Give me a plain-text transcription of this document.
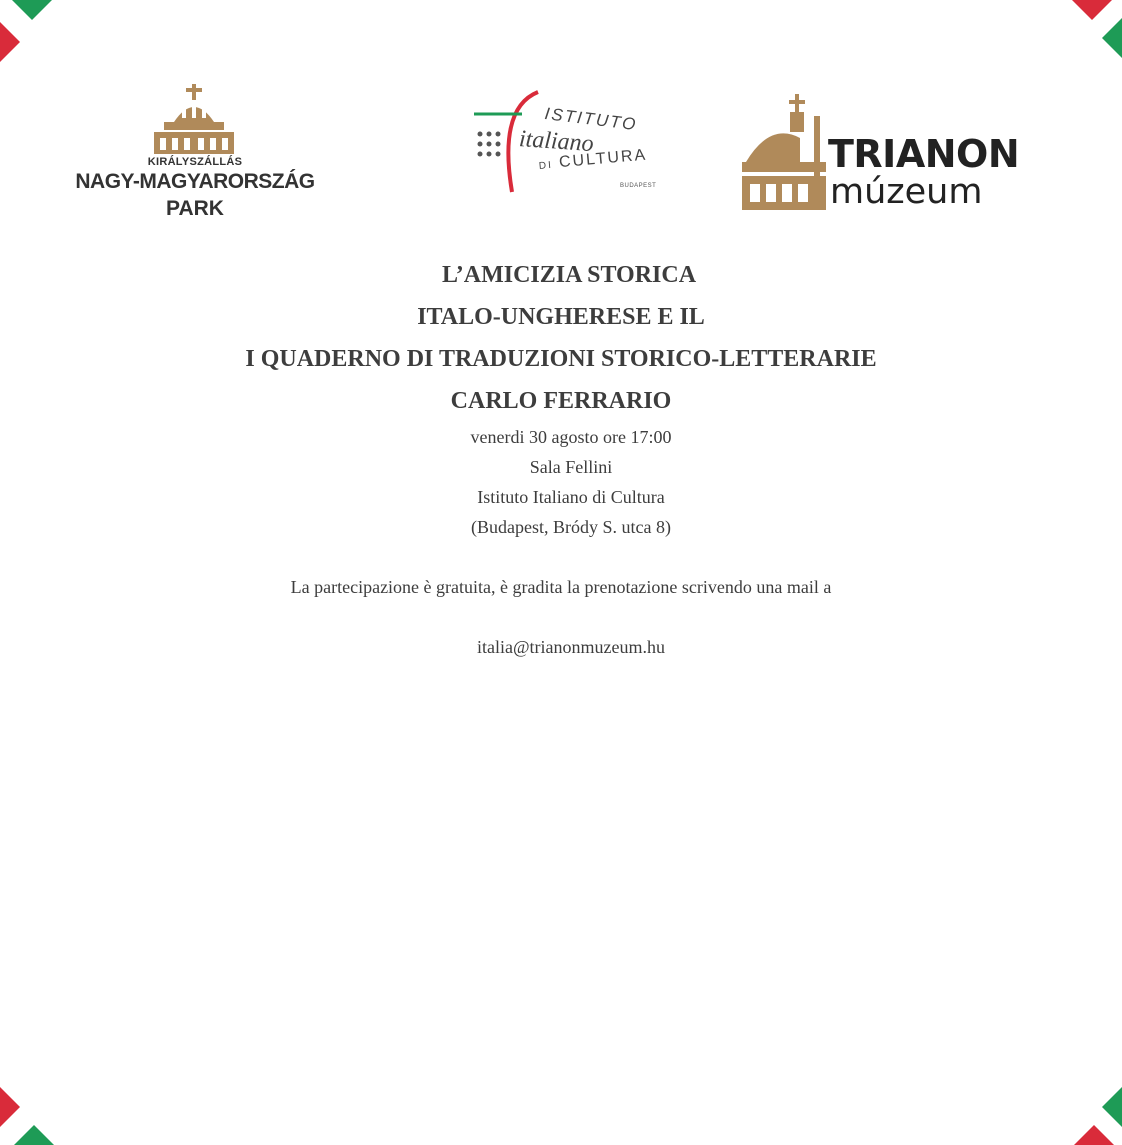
KIRÁLYSZÁLLÁS
NAGY-MAGYARORSZÁG
PARK
ISTITUTO
italiano
DI CULTURA
BUDAPEST
TRIANON
múzeum

L’AMICIZIA STORICA

ITALO-UNGHERESE E IL

I QUADERNO DI TRADUZIONI STORICO-LETTERARIE

CARLO FERRARIO

venerdi 30 agosto ore 17:00

Sala Fellini

Istituto Italiano di Cultura

(Budapest, Bródy S. utca 8)

La partecipazione è gratuita, è gradita la prenotazione scrivendo una mail a

italia@trianonmuzeum.hu
